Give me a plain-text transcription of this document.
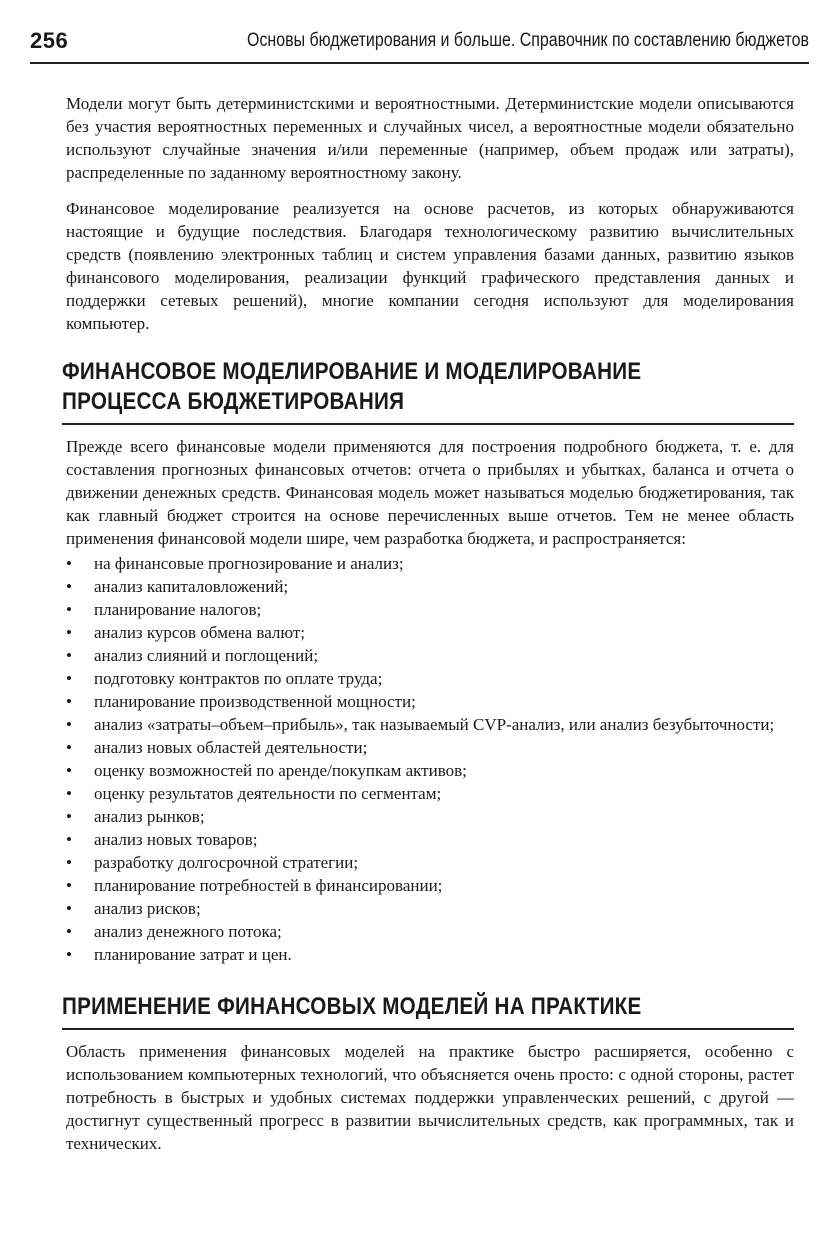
256	Основы бюджетирования и больше. Справочник по составлению бюджетов

Модели могут быть детерминистскими и вероятностными. Детерминистские модели описываются без участия вероятностных переменных и случайных чисел, а вероятностные модели обязательно используют случайные значения и/или переменные (например, объем продаж или затраты), распределенные по заданному вероятностному закону.

Финансовое моделирование реализуется на основе расчетов, из которых обнаруживаются настоящие и будущие последствия. Благодаря технологическому развитию вычислительных средств (появлению электронных таблиц и систем управления базами данных, развитию языков финансового моделирования, реализации функций графического представления данных и поддержки сетевых решений), многие компании сегодня используют для моделирования компьютер.

ФИНАНСОВОЕ МОДЕЛИРОВАНИЕ И МОДЕЛИРОВАНИЕ
ПРОЦЕССА БЮДЖЕТИРОВАНИЯ

Прежде всего финансовые модели применяются для построения подробного бюджета, т. е. для составления прогнозных финансовых отчетов: отчета о прибылях и убытках, баланса и отчета о движении денежных средств. Финансовая модель может называться моделью бюджетирования, так как главный бюджет строится на основе перечисленных выше отчетов. Тем не менее область применения финансовой модели шире, чем разработка бюджета, и распространяется:

• на финансовые прогнозирование и анализ;
• анализ капиталовложений;
• планирование налогов;
• анализ курсов обмена валют;
• анализ слияний и поглощений;
• подготовку контрактов по оплате труда;
• планирование производственной мощности;
• анализ «затраты–объем–прибыль», так называемый CVP-анализ, или анализ безубыточности;
• анализ новых областей деятельности;
• оценку возможностей по аренде/покупкам активов;
• оценку результатов деятельности по сегментам;
• анализ рынков;
• анализ новых товаров;
• разработку долгосрочной стратегии;
• планирование потребностей в финансировании;
• анализ рисков;
• анализ денежного потока;
• планирование затрат и цен.
ПРИМЕНЕНИЕ ФИНАНСОВЫХ МОДЕЛЕЙ НА ПРАКТИКЕ

Область применения финансовых моделей на практике быстро расширяется, особенно с использованием компьютерных технологий, что объясняется очень просто: с одной стороны, растет потребность в быстрых и удобных системах поддержки управленческих решений, с другой — достигнут существенный прогресс в развитии вычислительных средств, как программных, так и технических.
